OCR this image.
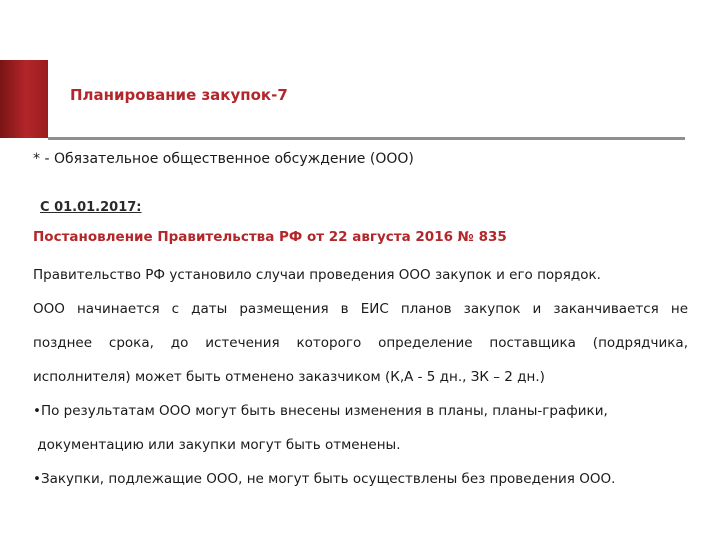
Планирование закупок-7
* - Обязательное общественное обсуждение (ООО)
С 01.01.2017:
Постановление Правительства РФ от 22 августа 2016 № 835

Правительство РФ установило случаи проведения ООО закупок и его порядок.

ООО начинается с даты размещения в ЕИС планов закупок и заканчивается не

позднее срока, до истечения которого определение поставщика (подрядчика,

исполнителя) может быть отменено заказчиком (К,А - 5 дн., ЗК – 2 дн.)

•По результатам ООО могут быть внесены изменения в планы, планы-графики,

документацию или закупки могут быть отменены.

•Закупки, подлежащие ООО, не могут быть осуществлены без проведения ООО.
